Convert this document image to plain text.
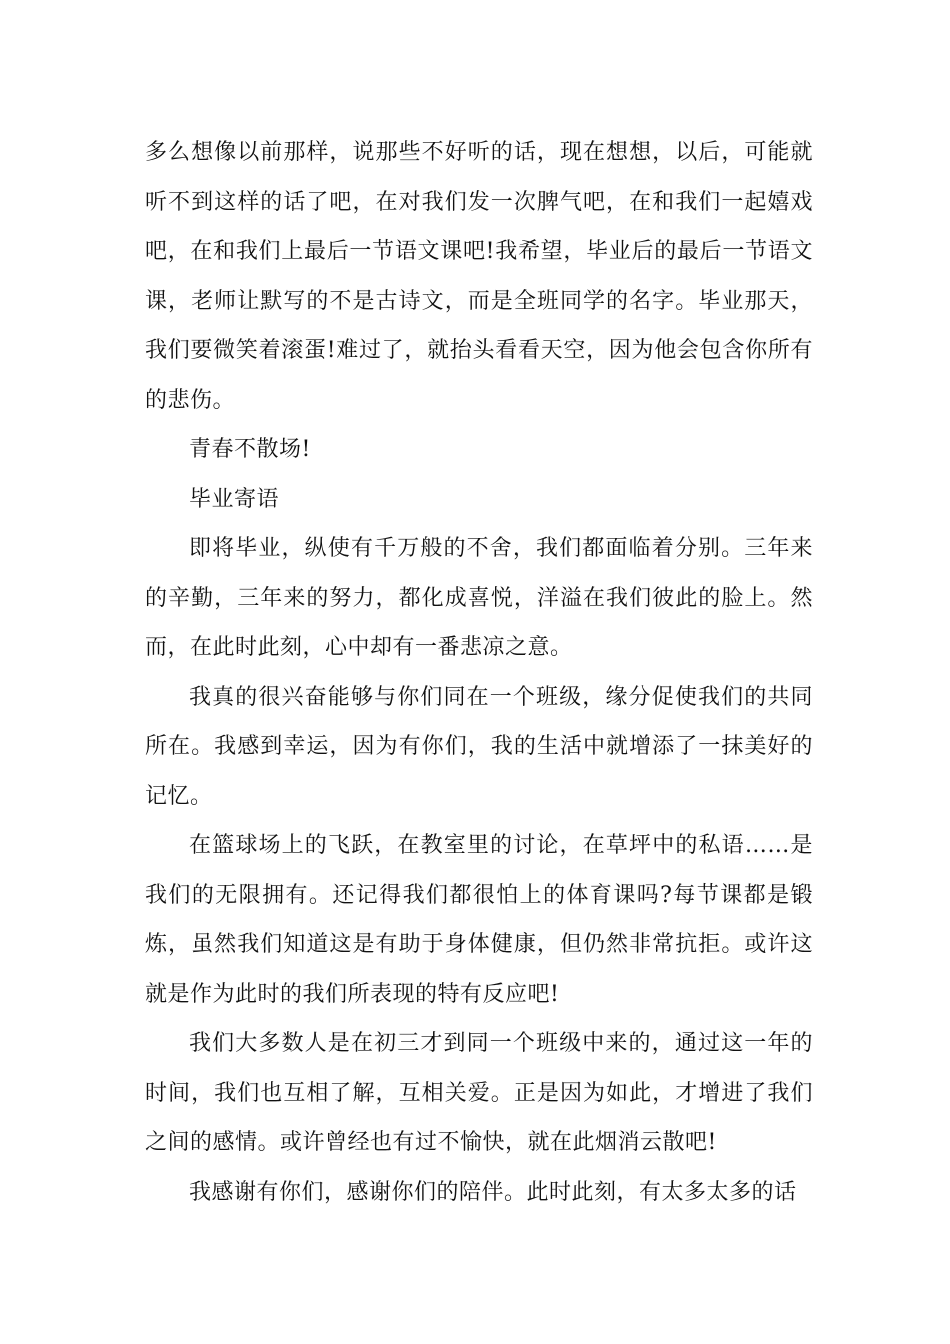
多么想像以前那样，说那些不好听的话，现在想想，以后，可能就听不到这样的话了吧，在对我们发一次脾气吧，在和我们一起嬉戏吧，在和我们上最后一节语文课吧!我希望，毕业后的最后一节语文课，老师让默写的不是古诗文，而是全班同学的名字。毕业那天，我们要微笑着滚蛋!难过了，就抬头看看天空，因为他会包含你所有的悲伤。

青春不散场!

毕业寄语

即将毕业，纵使有千万般的不舍，我们都面临着分别。三年来的辛勤，三年来的努力，都化成喜悦，洋溢在我们彼此的脸上。然而，在此时此刻，心中却有一番悲凉之意。

我真的很兴奋能够与你们同在一个班级，缘分促使我们的共同所在。我感到幸运，因为有你们，我的生活中就增添了一抹美好的记忆。

在篮球场上的飞跃，在教室里的讨论，在草坪中的私语……是我们的无限拥有。还记得我们都很怕上的体育课吗?每节课都是锻炼，虽然我们知道这是有助于身体健康，但仍然非常抗拒。或许这就是作为此时的我们所表现的特有反应吧!

我们大多数人是在初三才到同一个班级中来的，通过这一年的时间，我们也互相了解，互相关爱。正是因为如此，才增进了我们之间的感情。或许曾经也有过不愉快，就在此烟消云散吧!

我感谢有你们，感谢你们的陪伴。此时此刻，有太多太多的话
